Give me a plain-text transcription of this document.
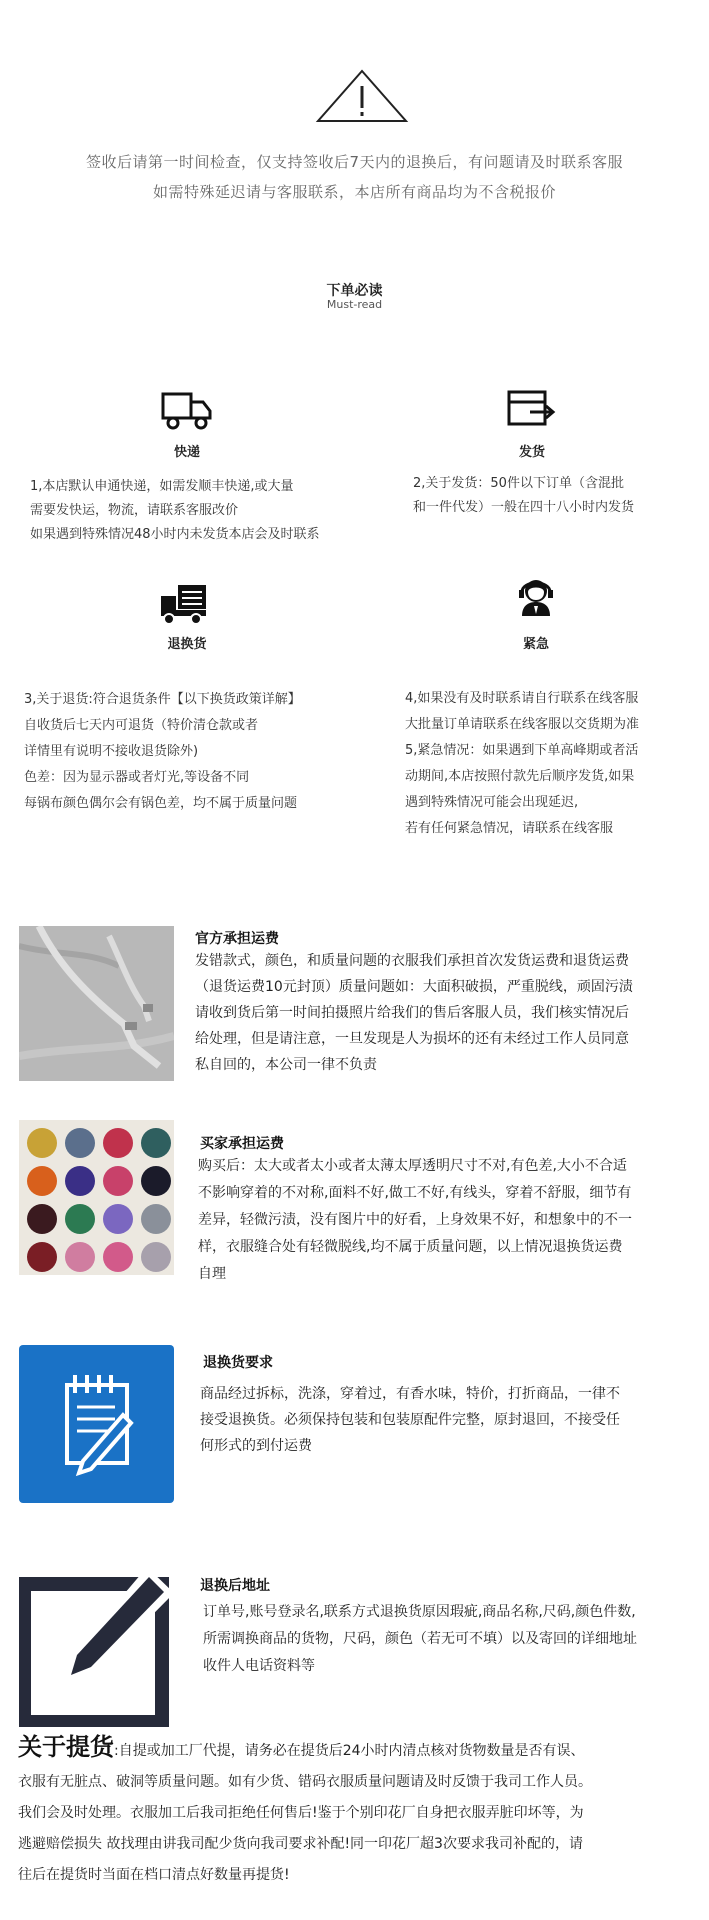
签收后请第一时间检查，仅支持签收后7天内的退换后，有问题请及时联系客服
如需特殊延迟请与客服联系，本店所有商品均为不含税报价
下单必读
Must-read
快递
1,本店默认申通快递，如需发顺丰快递,或大量
需要发快运，物流，请联系客服改价
如果遇到特殊情况48小时内未发货本店会及时联系
发货
2,关于发货：50件以下订单（含混批
和一件代发）一般在四十八小时内发货
退换货
3,关于退货:符合退货条件【以下换货政策详解】
自收货后七天内可退货（特价清仓款或者
详情里有说明不接收退货除外)
色差：因为显示器或者灯光,等设备不同
每锅布颜色偶尔会有锅色差，均不属于质量问题
紧急
4,如果没有及时联系请自行联系在线客服
大批量订单请联系在线客服以交货期为准
5,紧急情况：如果遇到下单高峰期或者活
动期间,本店按照付款先后顺序发货,如果
遇到特殊情况可能会出现延迟,
若有任何紧急情况，请联系在线客服
官方承担运费
发错款式，颜色，和质量问题的衣服我们承担首次发货运费和退货运费
（退货运费10元封顶）质量问题如：大面积破损，严重脱线，顽固污渍
请收到货后第一时间拍摄照片给我们的售后客服人员，我们核实情况后
给处理，但是请注意，一旦发现是人为损坏的还有未经过工作人员同意
私自回的，本公司一律不负责
买家承担运费
购买后：太大或者太小或者太薄太厚透明尺寸不对,有色差,大小不合适
不影响穿着的不对称,面料不好,做工不好,有线头，穿着不舒服，细节有
差异，轻微污渍，没有图片中的好看，上身效果不好，和想象中的不一
样，衣服缝合处有轻微脱线,均不属于质量问题，以上情况退换货运费
自理
退换货要求
商品经过拆标，洗涤，穿着过，有香水味，特价，打折商品，一律不
接受退换货。必须保持包装和包装原配件完整，原封退回，不接受任
何形式的到付运费
退换后地址
订单号,账号登录名,联系方式退换货原因瑕疵,商品名称,尺码,颜色件数,
所需调换商品的货物，尺码，颜色（若无可不填）以及寄回的详细地址
收件人电话资料等
关于提货:自提或加工厂代提，请务必在提货后24小时内清点核对货物数量是否有误、
衣服有无脏点、破洞等质量问题。如有少货、错码衣服质量问题请及时反馈于我司工作人员。
我们会及时处理。衣服加工后我司拒绝任何售后!鉴于个别印花厂自身把衣服弄脏印坏等，为
逃避赔偿损失 故找理由讲我司配少货向我司要求补配!同一印花厂超3次要求我司补配的，请
往后在提货时当面在档口清点好数量再提货!
